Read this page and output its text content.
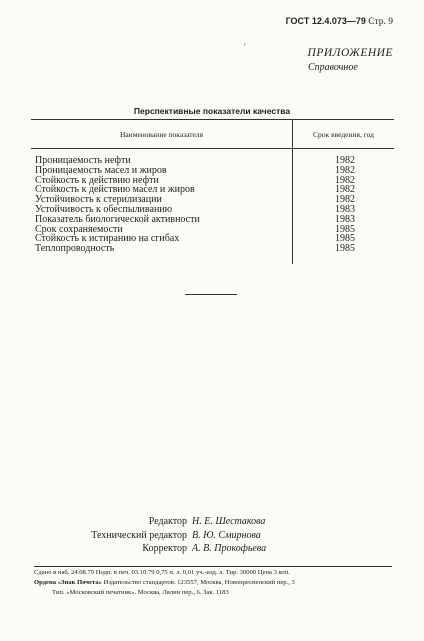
ГОСТ 12.4.073—79 Стр. 9
'	ПРИЛОЖЕНИЕ
Справочное
Перспективные показатели качества
Наименование показателя	Срок введения, год
Проницаемость нефти	1982
Проницаемость масел и жиров	1982
Стойкость к действию нефти	1982
Стойкость к действию масел и жиров	1982
Устойчивость к стерилизации	1982
Устойчивость к обеспыливанию	1983
Показатель биологической активности	1983
Срок сохраняемости	1985
Стойкость к истиранию на сгибах	1985
Теплопроводность	1985
Редактор Н. Е. Шестакова
Технический редактор В. Ю. Смирнова
Корректор А. В. Прокофьева
Сдано в наб. 24.08.79 Подп. в печ. 03.10.79 0,75 п. л. 0,61 уч.-изд. л. Тир. 30000 Цена 3 коп.
Ордена «Знак Почета» Издательство стандартов. 123557, Москва, Новопресненский пер., 3
Тип. «Московский печатник». Москва, Лялин пер., 6. Зак. 1183
